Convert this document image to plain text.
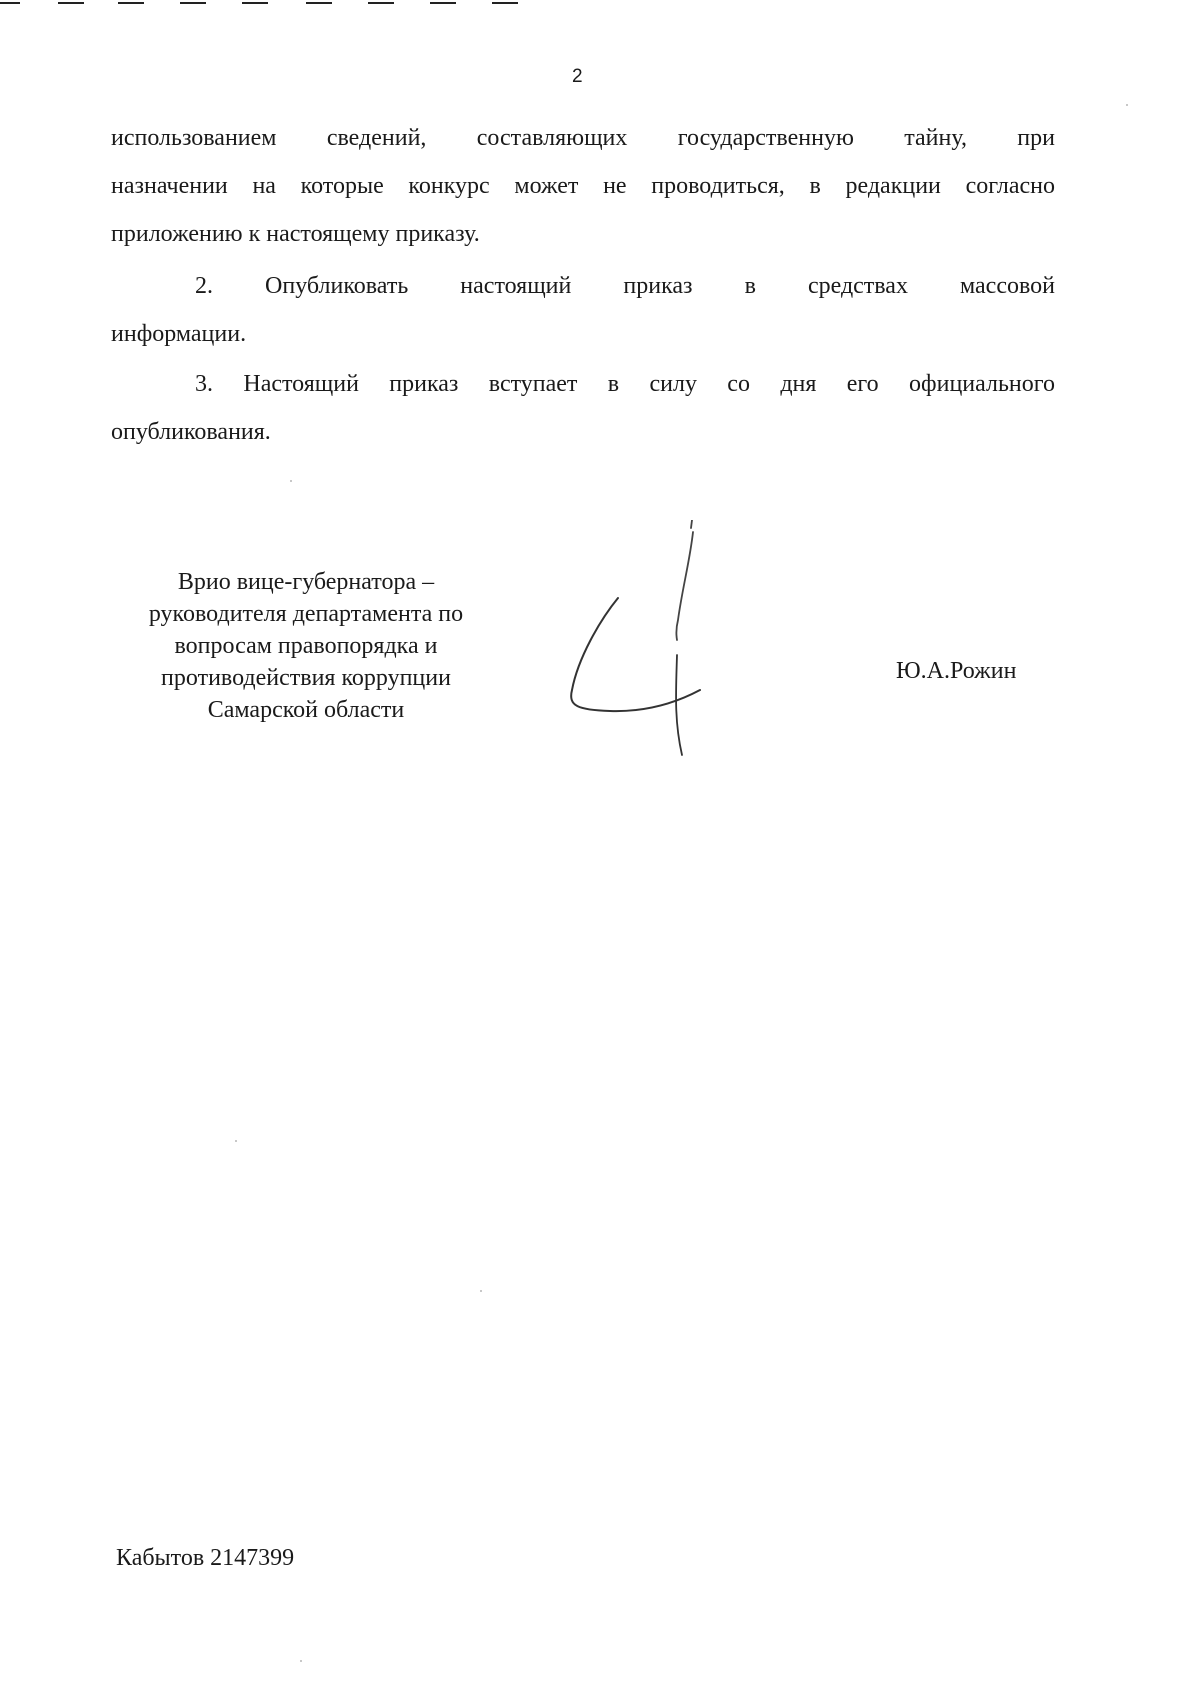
2
использованием сведений, составляющих государственную тайну, при
назначении на которые конкурс может не проводиться, в редакции согласно
приложению к настоящему приказу.
2. Опубликовать настоящий приказ в средствах массовой
информации.
3. Настоящий приказ вступает в силу со дня его официального
опубликования.
Врио вице-губернатора –
руководителя департамента по
вопросам правопорядка и
противодействия коррупции
Самарской области
Ю.А.Рожин
Кабытов 2147399
